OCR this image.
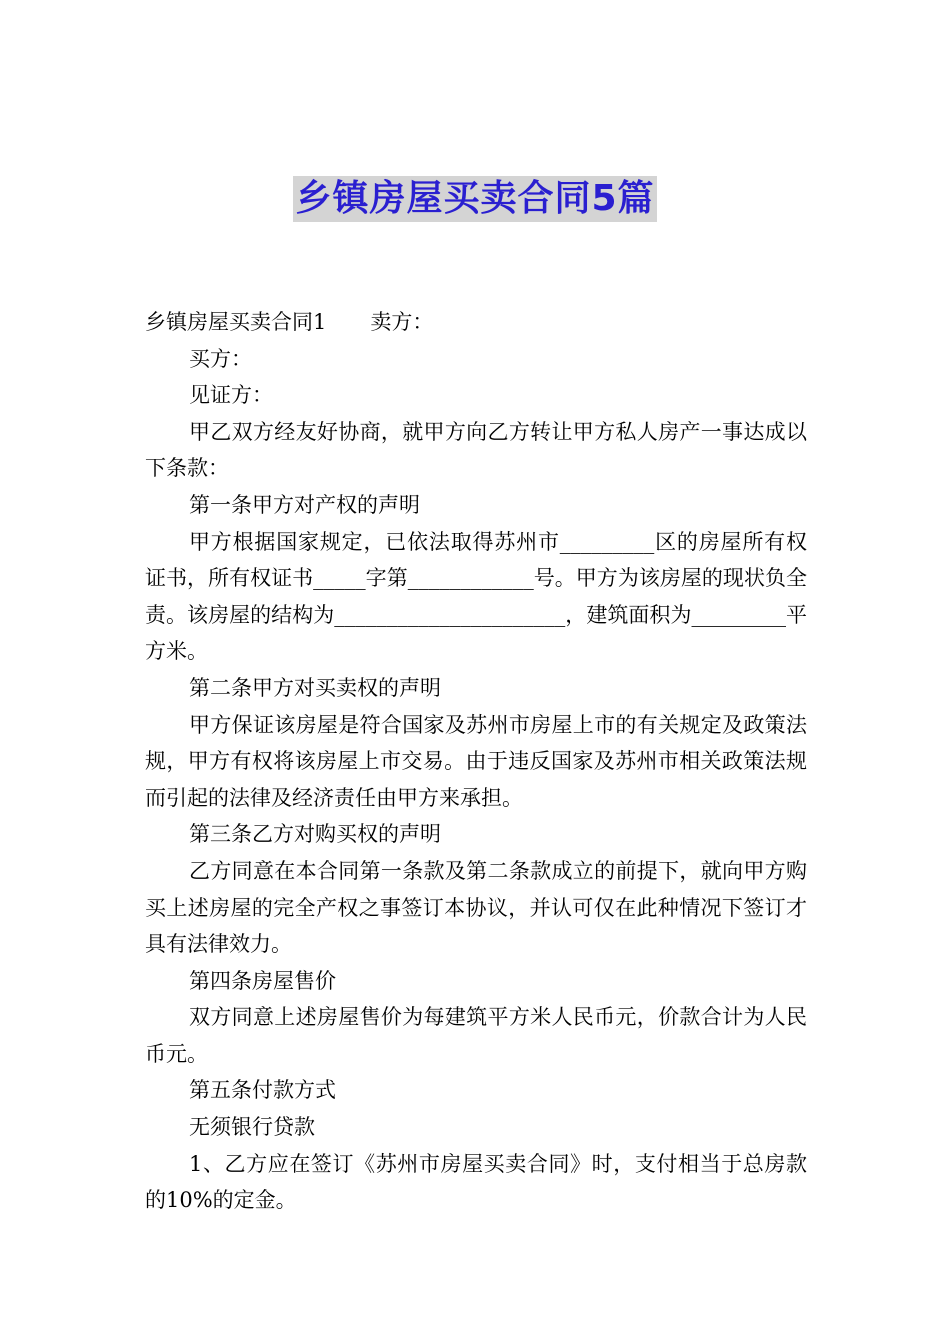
乡镇房屋买卖合同5篇

乡镇房屋买卖合同1 卖方：

买方：

见证方：

甲乙双方经友好协商，就甲方向乙方转让甲方私人房产一事达成以下条款：

第一条甲方对产权的声明

甲方根据国家规定，已依法取得苏州市_________区的房屋所有权证书，所有权证书_____字第____________号。甲方为该房屋的现状负全责。该房屋的结构为______________________，建筑面积为_________平方米。

第二条甲方对买卖权的声明

甲方保证该房屋是符合国家及苏州市房屋上市的有关规定及政策法规，甲方有权将该房屋上市交易。由于违反国家及苏州市相关政策法规而引起的法律及经济责任由甲方来承担。

第三条乙方对购买权的声明

乙方同意在本合同第一条款及第二条款成立的前提下，就向甲方购买上述房屋的完全产权之事签订本协议，并认可仅在此种情况下签订才具有法律效力。

第四条房屋售价

双方同意上述房屋售价为每建筑平方米人民币元，价款合计为人民币元。

第五条付款方式

无须银行贷款

1、乙方应在签订《苏州市房屋买卖合同》时，支付相当于总房款的10%的定金。
